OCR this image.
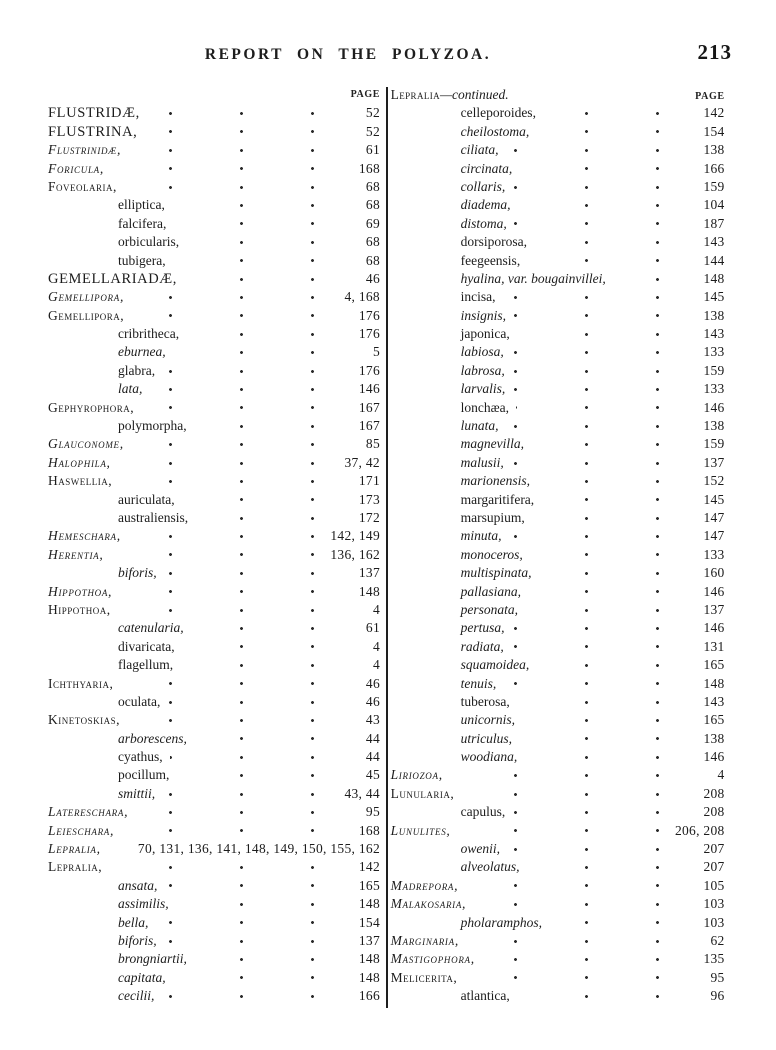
REPORT ON THE POLYZOA.	213
PAGE
FLUSTRIDÆ,	52
FLUSTRINA,	52
Flustrinidæ,	61
Foricula,	168
Foveolaria,	68
elliptica,	68
falcifera,	69
orbicularis,	68
tubigera,	68
GEMELLARIADÆ,	46
Gemellipora,	4, 168
Gemellipora,	176
cribritheca,	176
eburnea,	5
glabra,	176
lata,	146
Gephyrophora,	167
polymorpha,	167
Glauconome,	85
Halophila,	37, 42
Haswellia,	171
auriculata,	173
australiensis,	172
Hemeschara,	142, 149
Herentia,	136, 162
biforis,	137
Hippothoa,	148
Hippothoa,	4
catenularia,	61
divaricata,	4
flagellum,	4
Ichthyaria,	46
oculata,	46
Kinetoskias,	43
arborescens,	44
cyathus,	44
pocillum,	45
smittii,	43, 44
Latereschara,	95
Leieschara,	168
Lepralia,	70, 131, 136, 141, 148, 149, 150, 155, 162
Lepralia,	142
ansata,	165
assimilis,	148
bella,	154
biforis,	137
brongniartii,	148
capitata,	148
cecilii,	166
Lepralia—continued.	PAGE
celleporoides,	142
cheilostoma,	154
ciliata,	138
circinata,	166
collaris,	159
diadema,	104
distoma,	187
dorsiporosa,	143
feegeensis,	144
hyalina, var. bougainvillei,	148
incisa,	145
insignis,	138
japonica,	143
labiosa,	133
labrosa,	159
larvalis,	133
lonchæa,	146
lunata,	138
magnevilla,	159
malusii,	137
marionensis,	152
margaritifera,	145
marsupium,	147
minuta,	147
monoceros,	133
multispinata,	160
pallasiana,	146
personata,	137
pertusa,	146
radiata,	131
squamoidea,	165
tenuis,	148
tuberosa,	143
unicornis,	165
utriculus,	138
woodiana,	146
Liriozoa,	4
Lunularia,	208
capulus,	208
Lunulites,	206, 208
owenii,	207
alveolatus,	207
Madrepora,	105
Malakosaria,	103
pholaramphos,	103
Marginaria,	62
Mastigophora,	135
Melicerita,	95
atlantica,	96
